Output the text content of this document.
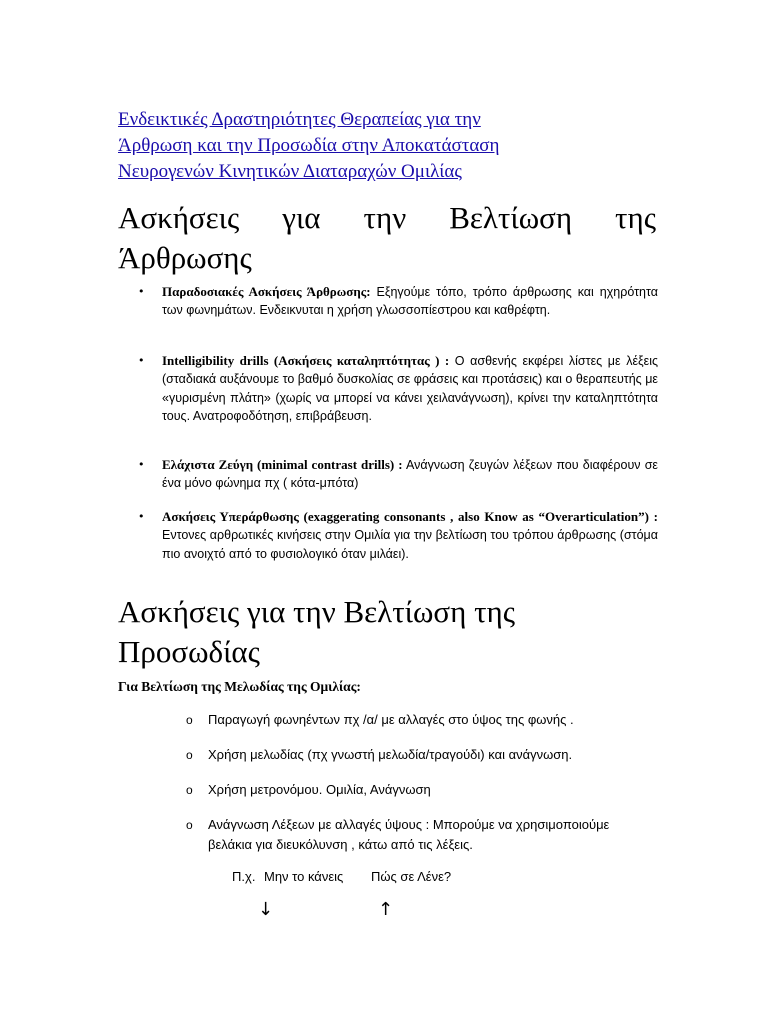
Ενδεικτικές Δραστηριότητες Θεραπείας για την
Άρθρωση και την Προσωδία στην Αποκατάσταση
Νευρογενών Κινητικών Διαταραχών Ομιλίας
Ασκήσεις για την Βελτίωση της
Άρθρωσης
• Παραδοσιακές Ασκήσεις Άρθρωσης: Εξηγούμε τόπο, τρόπο άρθρωσης και ηχηρότητα των φωνημάτων. Ενδεικνυται η χρήση γλωσσοπίεστρου και καθρέφτη.
• Intelligibility drills (Ασκήσεις καταληπτότητας ) : Ο ασθενής εκφέρει λίστες με λέξεις (σταδιακά αυξάνουμε το βαθμό δυσκολίας σε φράσεις και προτάσεις) και ο θεραπευτής με «γυρισμένη πλάτη» (χωρίς να μπορεί να κάνει χειλανάγνωση), κρίνει την καταληπτότητα τους. Ανατροφοδότηση, επιβράβευση.
• Ελάχιστα Ζεύγη (minimal contrast drills) : Ανάγνωση ζευγών λέξεων που διαφέρουν σε ένα μόνο φώνημα πχ ( κότα-μπότα)
• Ασκήσεις Υπεράρθωσης (exaggerating consonants , also Know as “Overarticulation”) : Εντονες αρθρωτικές κινήσεις στην Ομιλία για την βελτίωση του τρόπου άρθρωσης (στόμα πιο ανοιχτό από το φυσιολογικό όταν μιλάει).
Ασκήσεις για την Βελτίωση της
Προσωδίας
Για Βελτίωση της Μελωδίας της Ομιλίας:
o Παραγωγή φωνηέντων πχ /α/ με αλλαγές στο ύψος της φωνής .
o Χρήση μελωδίας (πχ γνωστή μελωδία/τραγούδι) και ανάγνωση.
o Χρήση μετρονόμου. Ομιλία, Ανάγνωση
o Ανάγνωση Λέξεων με αλλαγές ύψους : Μπορούμε να χρησιμοποιούμε βελάκια για διευκόλυνση , κάτω από τις λέξεις.
Π.χ. Μην το κάνεις Πώς σε Λένε?
↓	↑
